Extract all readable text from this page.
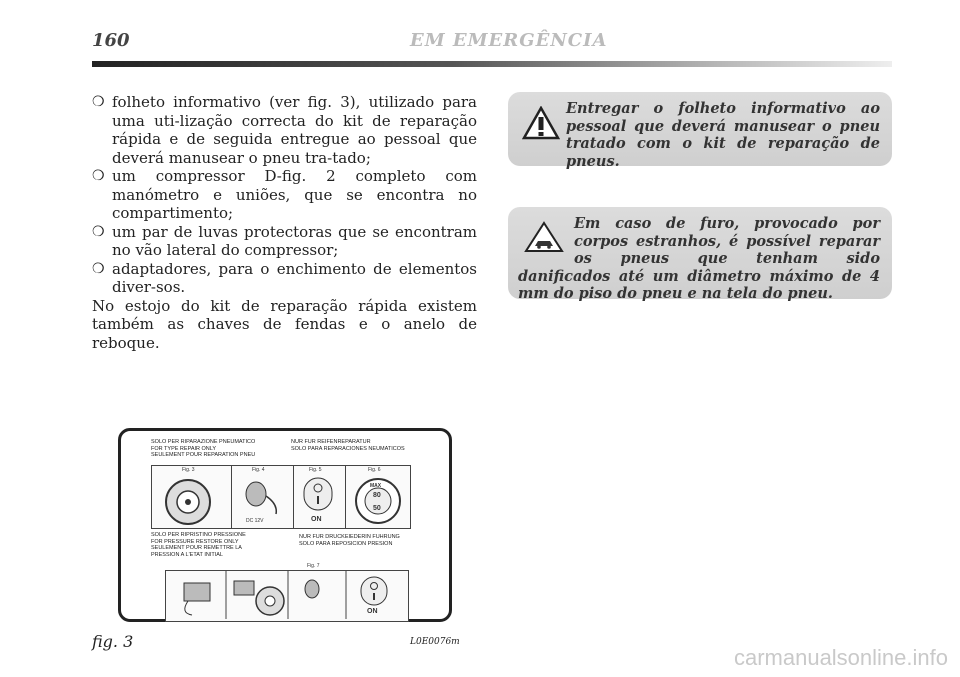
160	EM EMERGÊNCIA

❍ folheto informativo (ver fig. 3), utilizado para uma uti-lização correcta do kit de reparação rápida e de seguida entregue ao pessoal que deverá manusear o pneu tra-tado;

❍ um compressor D-fig. 2 completo com manómetro e uniões, que se encontra no compartimento;

❍ um par de luvas protectoras que se encontram no vão lateral do compressor;

❍ adaptadores, para o enchimento de elementos diver-sos.

No estojo do kit de reparação rápida existem também as chaves de fendas e o anelo de reboque.

Entregar o folheto informativo ao pessoal que deverá manusear o pneu tratado com o kit de reparação de pneus.
Em caso de furo, provocado por corpos estranhos, é possível reparar os pneus que tenham sido danificados até um diâmetro máximo de 4 mm do piso do pneu e na tela do pneu.
SOLO PER RIPARAZIONE PNEUMATICO
FOR TYPE REPAIR ONLY
SEULEMENT POUR REPARATION PNEU
NUR FUR REIFENREPARATUR
SOLO PARA REPARACIONES NEUMATICOS
Fig. 3	Fig. 4
DC 12V
Fig. 5
ON
Fig. 6
MAX
80
50
SOLO PER RIPRISTINO PRESSIONE
FOR PRESSURE RESTORE ONLY
SEULEMENT POUR REMETTRE LA
PRESSION A L'ETAT INITIAL
NUR FUR DRUCKEIEDERIN FUHRUNG
SOLO PARA REPOSICION PRESION
Fig. 7
ON
fig. 3	L0E0076m
carmanualsonline.info
